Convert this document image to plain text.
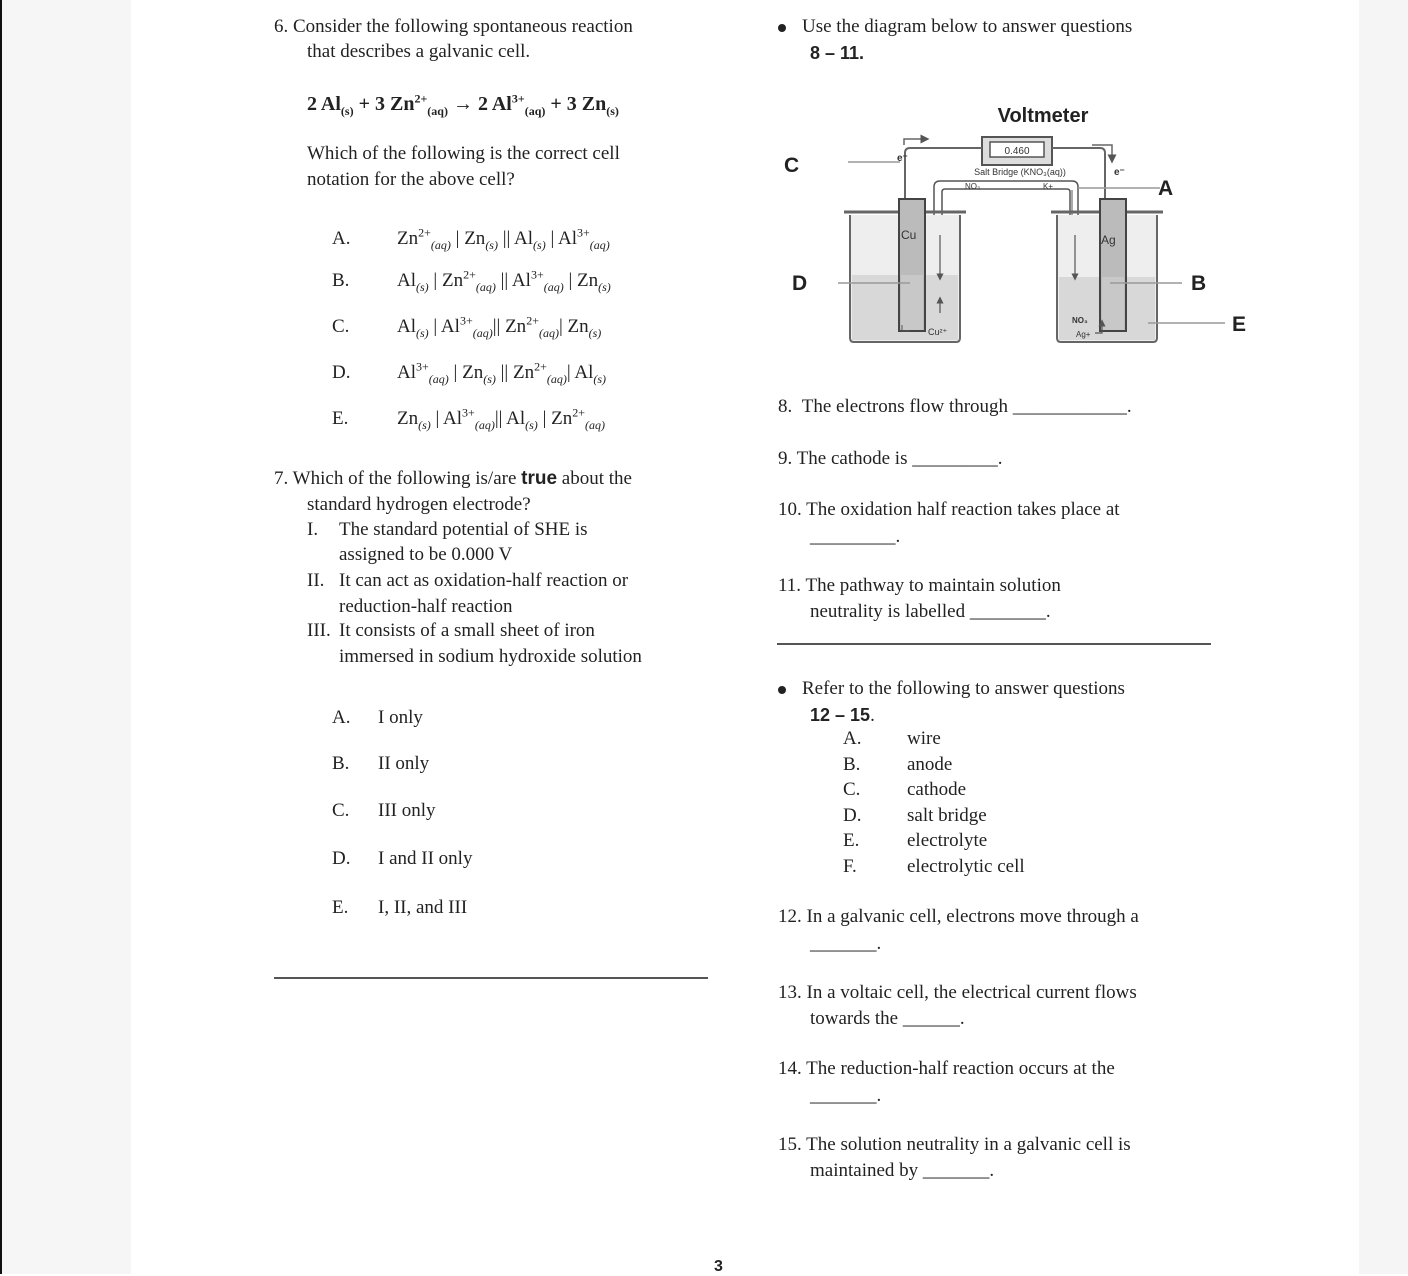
6. Consider the following spontaneous reaction
that describes a galvanic cell.
2 $Al_{(s)} + 3$ $Zn^{2+}_{(aq)} \to 2$ $Al^{3+}_{(aq)} + 3$ $Zn_{(s)}$
Which of the following is the correct cell
notation for the above cell?
A. $Zn^{2+}_{(aq)}$ | $Zn_{(s)}$ || $Al_{(s)}$ | $Al^{3+}_{(aq)}$
B.	$Al_{(s)}$ | $Zn^{2+}_{(aq)}$ || $Al^{3+}_{(aq)}$ | $Zn_{(s)}$
C.	$Al_{(s)}$ | $Al^{3+}_{(aq)}||$ $Zn^{2+}_{(aq)}|$ $Zn_{(s)}$
D. $Al^{3+}_{(aq)}$ | $Zn_{(s)}$ || $Zn^{2+}_{(aq)}|$ $Al_{(s)}$
E.	$Zn_{(s)}$ | $Al^{3+}_{(aq)}||$ $Al_{(s)}$ | $Zn^{2+}_{(aq)}$
7. Which of the following is/are true about the
standard hydrogen electrode?
I. The standard potential of SHE is
assigned to be 0.000 V
II. It can act as oxidation-half reaction or
reduction-half reaction
III. It consists of a small sheet of iron
immersed in sodium hydroxide solution
A. I only
B. II only
C. III only
D. I and II only
E. I, II, and III
Use the diagram below to answer questions
8 – 11.
Voltmeter
0.460
e⁻
e⁻
Salt Bridge (KNO₃(aq))
NO₃	K+
Cu	Ag
Cu²⁺
NO₃
Ag+
C
A
D	B
E
8. The electrons flow through ____________.
9. The cathode is _________.
10. The oxidation half reaction takes place at
_________.
11. The pathway to maintain solution
neutrality is labelled ________.
Refer to the following to answer questions
12 – 15.
A. wire
B. anode
C. cathode
D. salt bridge
E.	electrolyte
F.	electrolytic cell
12. In a galvanic cell, electrons move through a
_______.
13. In a voltaic cell, the electrical current flows
towards the ______.
14. The reduction-half reaction occurs at the
_______.
15. The solution neutrality in a galvanic cell is
maintained by _______.
3
